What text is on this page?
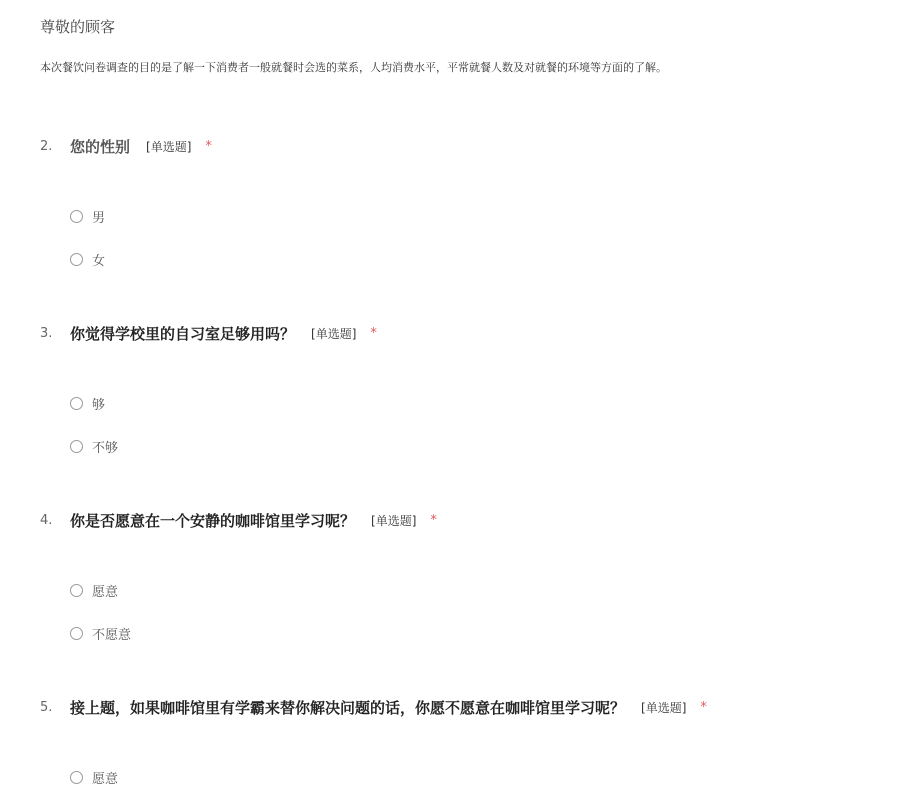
尊敬的顾客
本次餐饮问卷调查的目的是了解一下消费者一般就餐时会选的菜系，人均消费水平，平常就餐人数及对就餐的环境等方面的了解。
2.	您的性别 [单选题] *
男
女
3.	你觉得学校里的自习室足够用吗？ [单选题] *
够
不够
4.	你是否愿意在一个安静的咖啡馆里学习呢？ [单选题] *
愿意
不愿意
5.	接上题，如果咖啡馆里有学霸来替你解决问题的话，你愿不愿意在咖啡馆里学习呢？ [单选题] *
愿意
